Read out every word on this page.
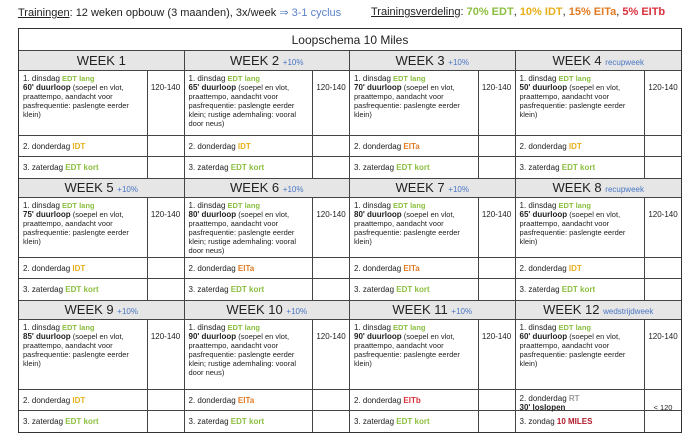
Trainingen: 12 weken opbouw (3 maanden), 3x/week ⇒ 3-1 cyclus	Trainingsverdeling: 70% EDT, 10% IDT, 15% EITa, 5% EITb
Loopschema 10 Miles
WEEK 1
1. dinsdag EDT lang
60' duurloop (soepel en vlot, praattempo, aandacht voor pasfrequentie: paslengte eerder klein)
120-140
2. donderdag IDT
3. zaterdag EDT kort
WEEK 2 +10%
1. dinsdag EDT lang
65' duurloop (soepel en vlot, praattempo, aandacht voor pasfrequentie: paslengte eerder klein; rustige ademhaling: vooral door neus)
120-140
2. donderdag IDT
3. zaterdag EDT kort
WEEK 3 +10%
1. dinsdag EDT lang
70' duurloop (soepel en vlot, praattempo, aandacht voor pasfrequentie: paslengte eerder klein)
120-140
2. donderdag EITa
3. zaterdag EDT kort
WEEK 4 recupweek
1. dinsdag EDT lang
50' duurloop (soepel en vlot, praattempo, aandacht voor pasfrequentie: paslengte eerder klein)
120-140
2. donderdag IDT
3. zaterdag EDT kort
WEEK 5 +10%
1. dinsdag EDT lang
75' duurloop (soepel en vlot, praattempo, aandacht voor pasfrequentie: paslengte eerder klein)
120-140
2. donderdag IDT
3. zaterdag EDT kort
WEEK 6 +10%
1. dinsdag EDT lang
80' duurloop (soepel en vlot, praattempo, aandacht voor pasfrequentie: paslengte eerder klein; rustige ademhaling: vooral door neus)
120-140
2. donderdag EITa
3. zaterdag EDT kort
WEEK 7 +10%
1. dinsdag EDT lang
80' duurloop (soepel en vlot, praattempo, aandacht voor pasfrequentie: paslengte eerder klein)
120-140
2. donderdag EITa
3. zaterdag EDT kort
WEEK 8 recupweek
1. dinsdag EDT lang
65' duurloop (soepel en vlot, praattempo, aandacht voor pasfrequentie: paslengte eerder klein)
120-140
2. donderdag IDT
3. zaterdag EDT kort
WEEK 9 +10%
1. dinsdag EDT lang
85' duurloop (soepel en vlot, praattempo, aandacht voor pasfrequentie: paslengte eerder klein)
120-140
2. donderdag IDT
3. zaterdag EDT kort
WEEK 10 +10%
1. dinsdag EDT lang
90' duurloop (soepel en vlot, praattempo, aandacht voor pasfrequentie: paslengte eerder klein; rustige ademhaling: vooral door neus)
120-140
2. donderdag EITa
3. zaterdag EDT kort
WEEK 11 +10%
1. dinsdag EDT lang
90' duurloop (soepel en vlot, praattempo, aandacht voor pasfrequentie: paslengte eerder klein)
120-140
2. donderdag EITb
3. zaterdag EDT kort
WEEK 12 wedstrijdweek
1. dinsdag EDT lang
60' duurloop (soepel en vlot, praattempo, aandacht voor pasfrequentie: paslengte eerder klein)
120-140
2. donderdag RT
30' loslopen	< 120
3. zondag 10 MILES
